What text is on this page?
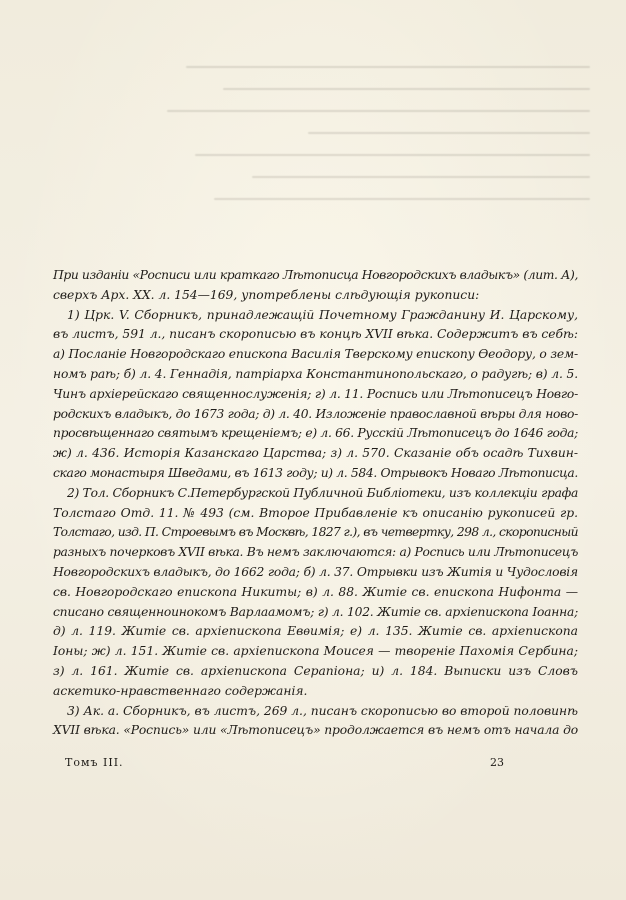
При изданіи «Росписи или краткаго Лѣтописца Новгородскихъ владыкъ» (лит. А),
сверхъ Арх. XX. л. 154—169, употреблены слѣдующія рукописи:
1) Црк. V. Сборникъ, принадлежащій Почетному Гражданину И. Царскому,
въ листъ, 591 л., писанъ скорописью въ концѣ XVII вѣка. Содержитъ въ себѣ:
а) Посланіе Новгородскаго епископа Василія Тверскому епископу Ѳеодору, о зем-
номъ раѣ; б) л. 4. Геннадія, патріарха Константинопольскаго, о радугѣ; в) л. 5.
Чинъ архіерейскаго священнослуженія; г) л. 11. Роспись или Лѣтописецъ Новго-
родскихъ владыкъ, до 1673 года; д) л. 40. Изложеніе православной вѣры для ново-
просвѣщеннаго святымъ крещеніемъ; е) л. 66. Русскій Лѣтописецъ до 1646 года;
ж) л. 436. Исторія Казанскаго Царства; з) л. 570. Сказаніе объ осадѣ Тихвин-
скаго монастыря Шведами, въ 1613 году; и) л. 584. Отрывокъ Новаго Лѣтописца.
2) Тол. Сборникъ С.Петербургской Публичной Библіотеки, изъ коллекціи графа
Толстаго Отд. 11. № 493 (см. Второе Прибавленіе къ описанію рукописей гр.
Толстаго, изд. П. Строевымъ въ Москвѣ, 1827 г.), въ четвертку, 298 л., скорописный
разныхъ почерковъ XVII вѣка. Въ немъ заключаются: а) Роспись или Лѣтописецъ
Новгородскихъ владыкъ, до 1662 года; б) л. 37. Отрывки изъ Житія и Чудословія
св. Новгородскаго епископа Никиты; в) л. 88. Житіе св. епископа Нифонта —
списано священноинокомъ Варлаамомъ; г) л. 102. Житіе св. архіепископа Іоанна;
д) л. 119. Житіе св. архіепископа Евѳимія; е) л. 135. Житіе св. архіепископа
Іоны; ж) л. 151. Житіе св. архіепископа Моисея — твореніе Пахомія Сербина;
з) л. 161. Житіе св. архіепископа Серапіона; и) л. 184. Выписки изъ Словъ
аскетико-нравственнаго содержанія.
3) Ак. а. Сборникъ, въ листъ, 269 л., писанъ скорописью во второй половинѣ
XVII вѣка. «Роспись» или «Лѣтописецъ» продолжается въ немъ отъ начала до
Томъ III.	23
